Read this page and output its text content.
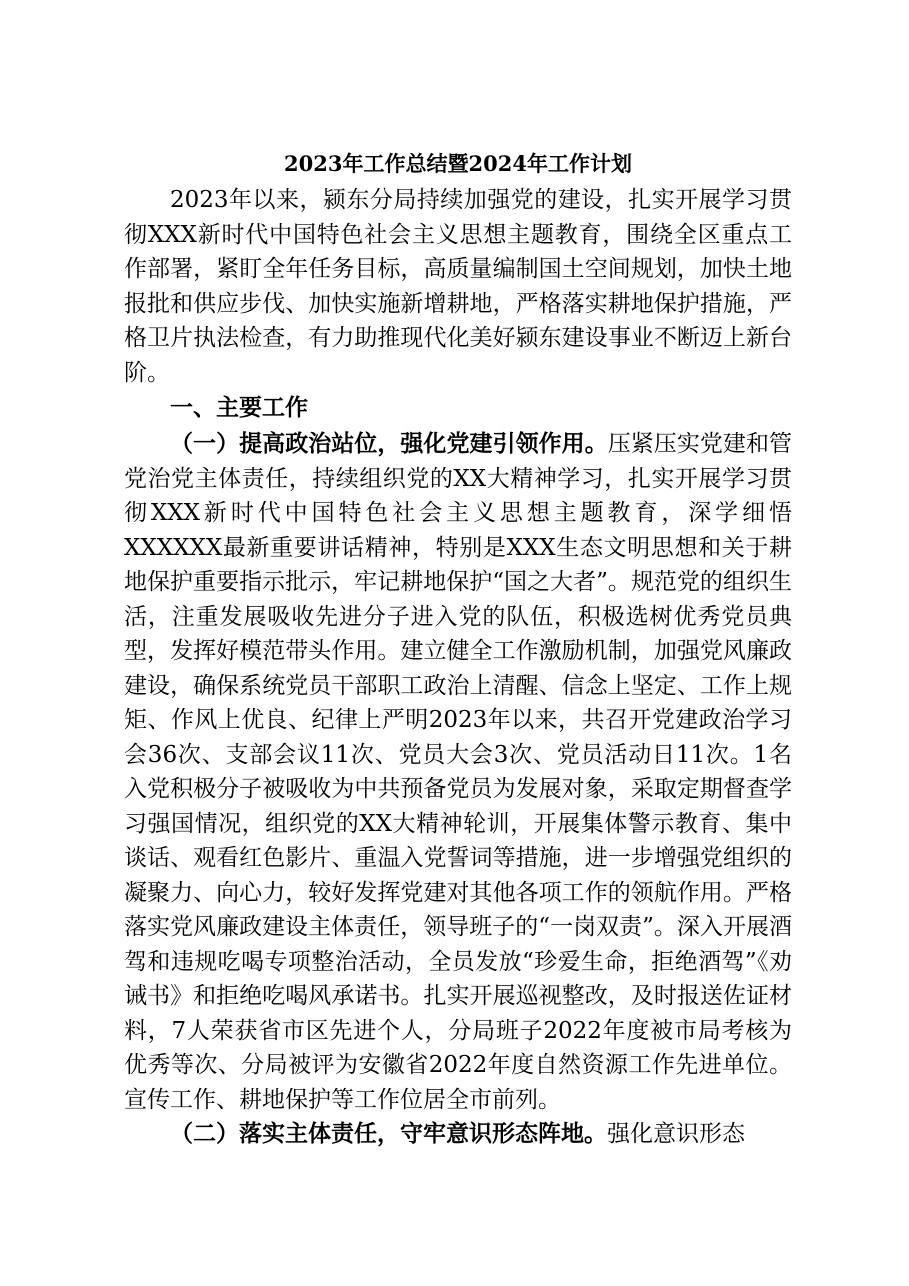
2023年工作总结暨2024年工作计划

2023年以来，颍东分局持续加强党的建设，扎实开展学习贯彻XXX新时代中国特色社会主义思想主题教育，围绕全区重点工作部署，紧盯全年任务目标，高质量编制国土空间规划，加快土地报批和供应步伐、加快实施新增耕地，严格落实耕地保护措施，严格卫片执法检查，有力助推现代化美好颍东建设事业不断迈上新台阶。

一、主要工作

（一）提高政治站位，强化党建引领作用。压紧压实党建和管党治党主体责任，持续组织党的XX大精神学习，扎实开展学习贯彻XXX新时代中国特色社会主义思想主题教育，深学细悟XXXXXX最新重要讲话精神，特别是XXX生态文明思想和关于耕地保护重要指示批示，牢记耕地保护“国之大者”。规范党的组织生活，注重发展吸收先进分子进入党的队伍，积极选树优秀党员典型，发挥好模范带头作用。建立健全工作激励机制，加强党风廉政建设，确保系统党员干部职工政治上清醒、信念上坚定、工作上规矩、作风上优良、纪律上严明2023年以来，共召开党建政治学习会36次、支部会议11次、党员大会3次、党员活动日11次。1名入党积极分子被吸收为中共预备党员为发展对象，采取定期督查学习强国情况，组织党的XX大精神轮训，开展集体警示教育、集中谈话、观看红色影片、重温入党誓词等措施，进一步增强党组织的凝聚力、向心力，较好发挥党建对其他各项工作的领航作用。严格落实党风廉政建设主体责任，领导班子的“一岗双责”。深入开展酒驾和违规吃喝专项整治活动，全员发放“珍爱生命，拒绝酒驾”《劝诫书》和拒绝吃喝风承诺书。扎实开展巡视整改，及时报送佐证材料，7人荣获省市区先进个人，分局班子2022年度被市局考核为优秀等次、分局被评为安徽省2022年度自然资源工作先进单位。宣传工作、耕地保护等工作位居全市前列。

（二）落实主体责任，守牢意识形态阵地。强化意识形态
